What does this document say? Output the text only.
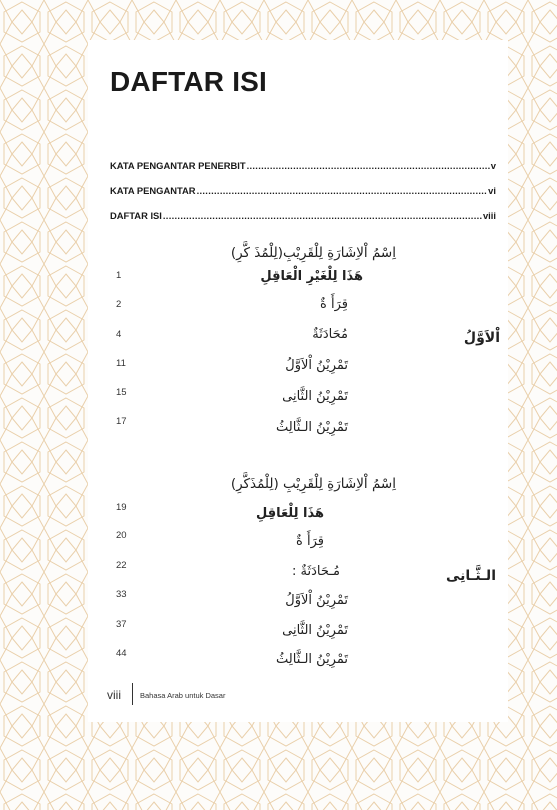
DAFTAR ISI
KATA PENGANTAR PENERBIT .....	v
KATA PENGANTAR .....	vi
DAFTAR ISI .....	viii
اِسْمُ اْلاِشَارَةِ لِلْقَرِيْبِ(لِلْمُذَ كَّرِ)
اْلاَوَّلُ
1	هَذَا لِلْغَيْرِ الْعَاقِلِ
2	قِرَأَ ةٌ
4	مُحَادَثَةٌ
11	تَمْرِيْنُ اْلاَوَّلُ
15	تَمْرِيْنُ الثَّانِى
17	تَمْرِيْنُ الـثَّالِثُ
اِسْمُ اْلاِشَارَةِ لِلْقَرِيْبِ (لِلْمُذَكَّرِ)
الـثَّـانِى
19	هَذَا لِلْعَاقِلِ
20	قِرَأَ ةٌ
22	مُـحَادَثَةٌ :
33	تَمْرِيْنُ اْلاَوَّلُ
37	تَمْرِيْنُ الثَّانِى
44	تَمْرِيْنُ الـثَّالِثُ
viii	Bahasa Arab untuk Dasar
